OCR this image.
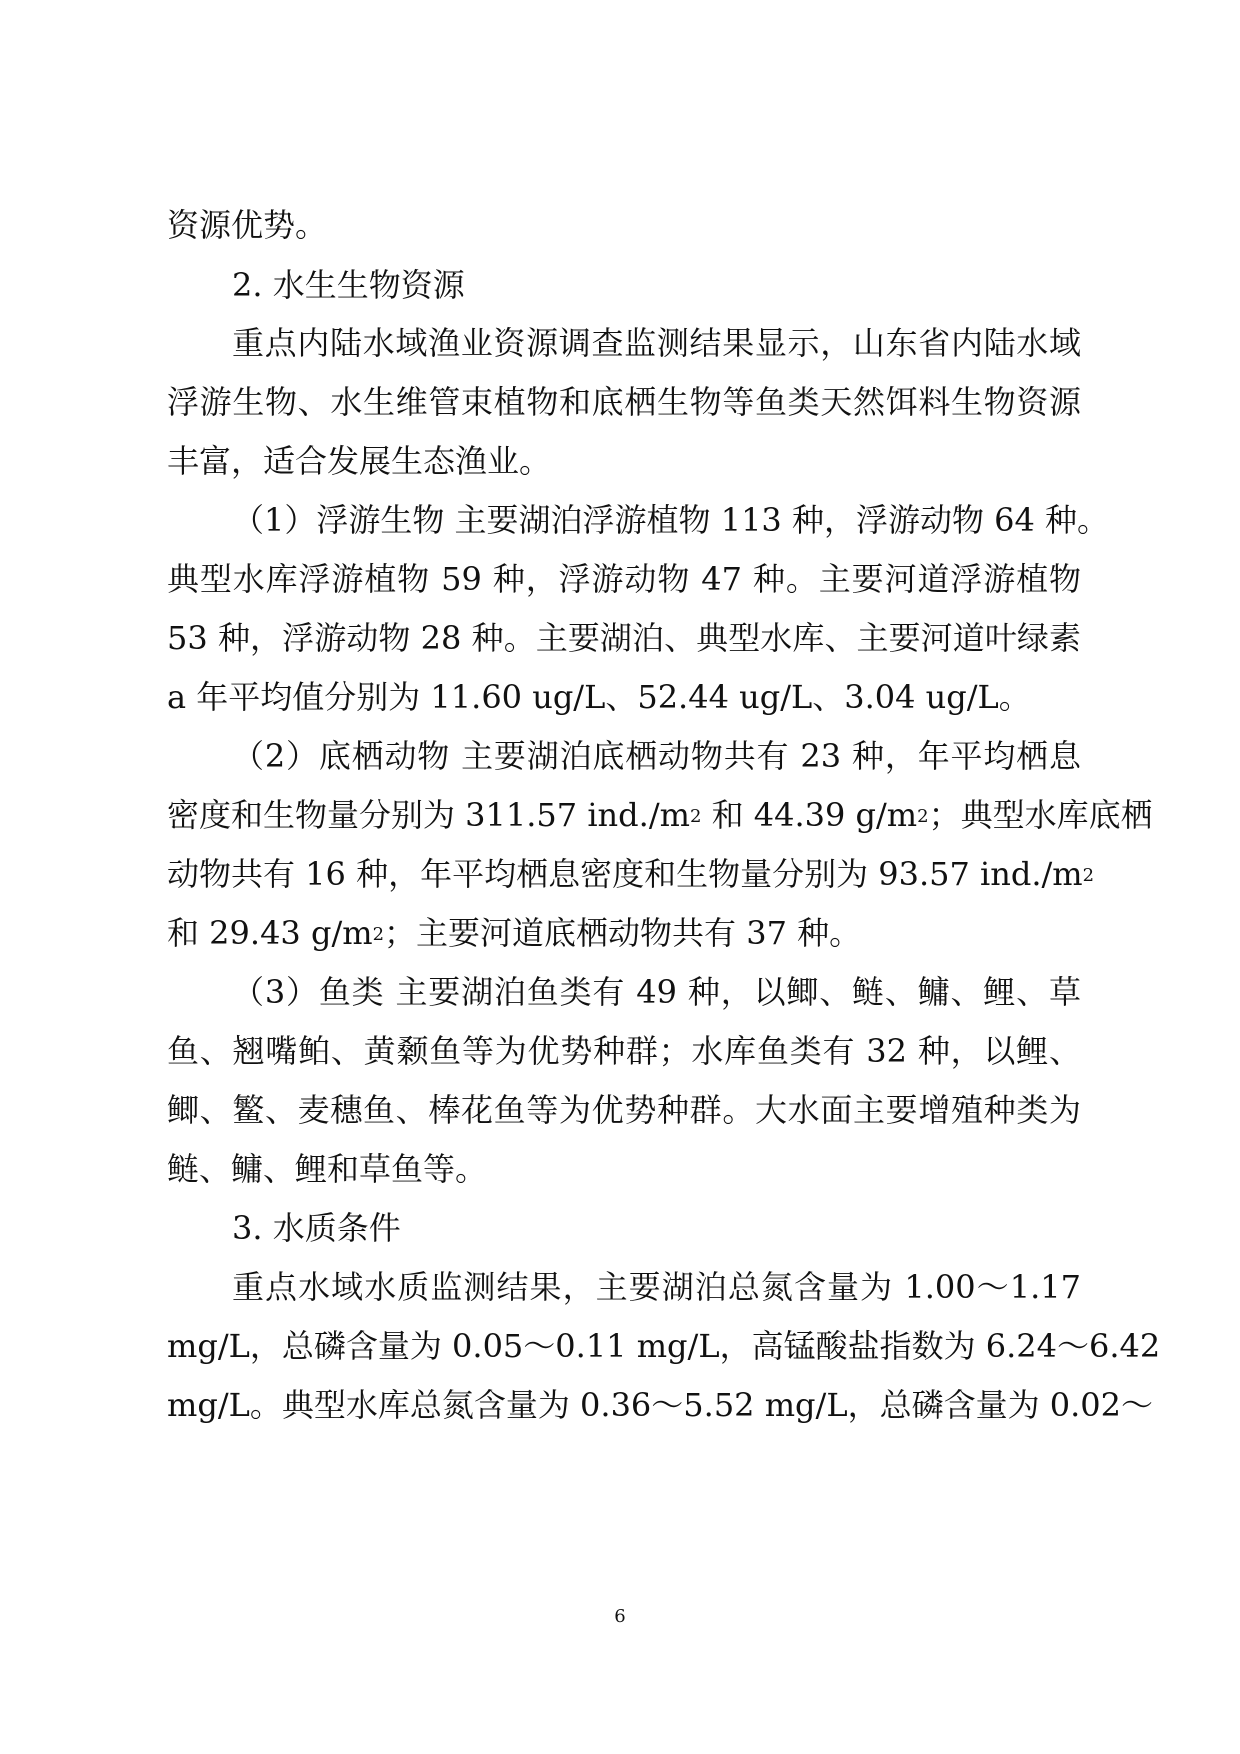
资源优势。
2. 水生生物资源
重点内陆水域渔业资源调查监测结果显示，山东省内陆水域
浮游生物、水生维管束植物和底栖生物等鱼类天然饵料生物资源
丰富，适合发展生态渔业。
（1）浮游生物 主要湖泊浮游植物 113 种，浮游动物 64 种。
典型水库浮游植物 59 种，浮游动物 47 种。主要河道浮游植物
53 种，浮游动物 28 种。主要湖泊、典型水库、主要河道叶绿素
a 年平均值分别为 11.60 ug/L、52.44 ug/L、3.04 ug/L。
（2）底栖动物 主要湖泊底栖动物共有 23 种，年平均栖息
密度和生物量分别为 311.57 $ind./m^2$ 和 44.39 $g/m^2$；典型水库底栖
动物共有 16 种，年平均栖息密度和生物量分别为 93.57 $ind./m^2$
和 29.43 $g/m^2$；主要河道底栖动物共有 37 种。
（3）鱼类 主要湖泊鱼类有 49 种，以鲫、鲢、鳙、鲤、草
鱼、翘嘴鲌、黄颡鱼等为优势种群；水库鱼类有 32 种，以鲤、
鲫、鳘、麦穗鱼、棒花鱼等为优势种群。大水面主要增殖种类为
鲢、鳙、鲤和草鱼等。
3. 水质条件
重点水域水质监测结果，主要湖泊总氮含量为 1.00～1.17
mg/L，总磷含量为 0.05～0.11 mg/L，高锰酸盐指数为 6.24～6.42
mg/L。典型水库总氮含量为 0.36～5.52 mg/L，总磷含量为 0.02～
6
